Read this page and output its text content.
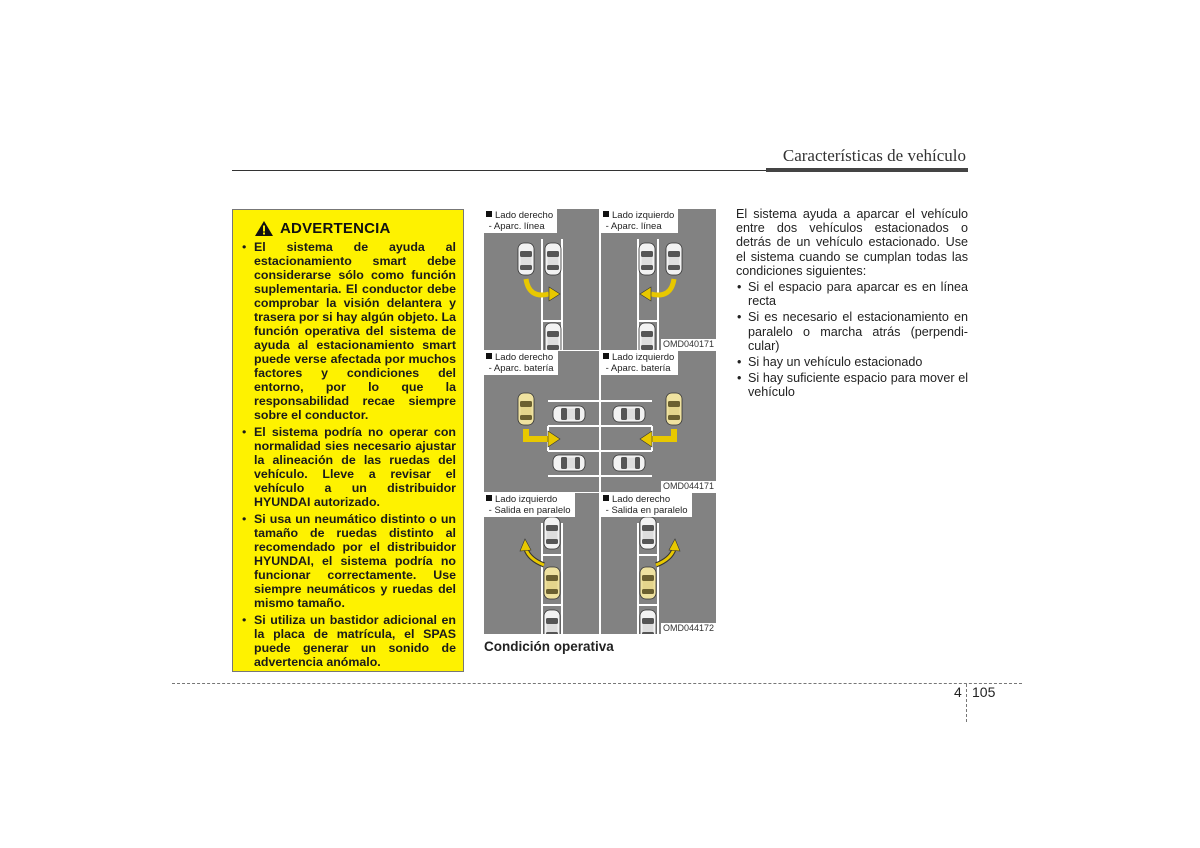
Características de vehículo
ADVERTENCIA
• El sistema de ayuda al estacionamiento smart debe considerarse sólo como función suplementaria. El conductor debe comprobar la visión delantera y trasera por si hay algún objeto. La función operativa del sistema de ayuda al estacionamiento smart puede verse afectada por muchos factores y condiciones del entorno, por lo que la responsabilidad recae siempre sobre el conductor.
• El sistema podría no operar con normalidad sies necesario ajustar la alineación de las ruedas del vehículo. Lleve a revisar el vehículo a un distribuidor HYUNDAI autorizado.
• Si usa un neumático distinto o un tamaño de ruedas distinto al recomendado por el distribuidor HYUNDAI, el sistema podría no funcionar correctamente. Use siempre neumáticos y ruedas del mismo tamaño.
• Si utiliza un bastidor adicional en la placa de matrícula, el SPAS puede generar un sonido de advertencia anómalo.
Lado derecho
- Aparc. línea
Lado izquierdo
- Aparc. línea
OMD040171
Lado derecho
- Aparc. batería
Lado izquierdo
- Aparc. batería
OMD044171
Lado izquierdo
- Salida en paralelo
Lado derecho
- Salida en paralelo
OMD044172
Condición operativa

El sistema ayuda a aparcar el vehículo entre dos vehículos estacionados o detrás de un vehículo estacionado. Use el sistema cuando se cumplan todas las condiciones siguientes:

• Si el espacio para aparcar es en línea recta
• Si es necesario el estacionamiento en paralelo o marcha atrás (perpendi-cular)
• Si hay un vehículo estacionado
• Si hay suficiente espacio para mover el vehículo
4 105
